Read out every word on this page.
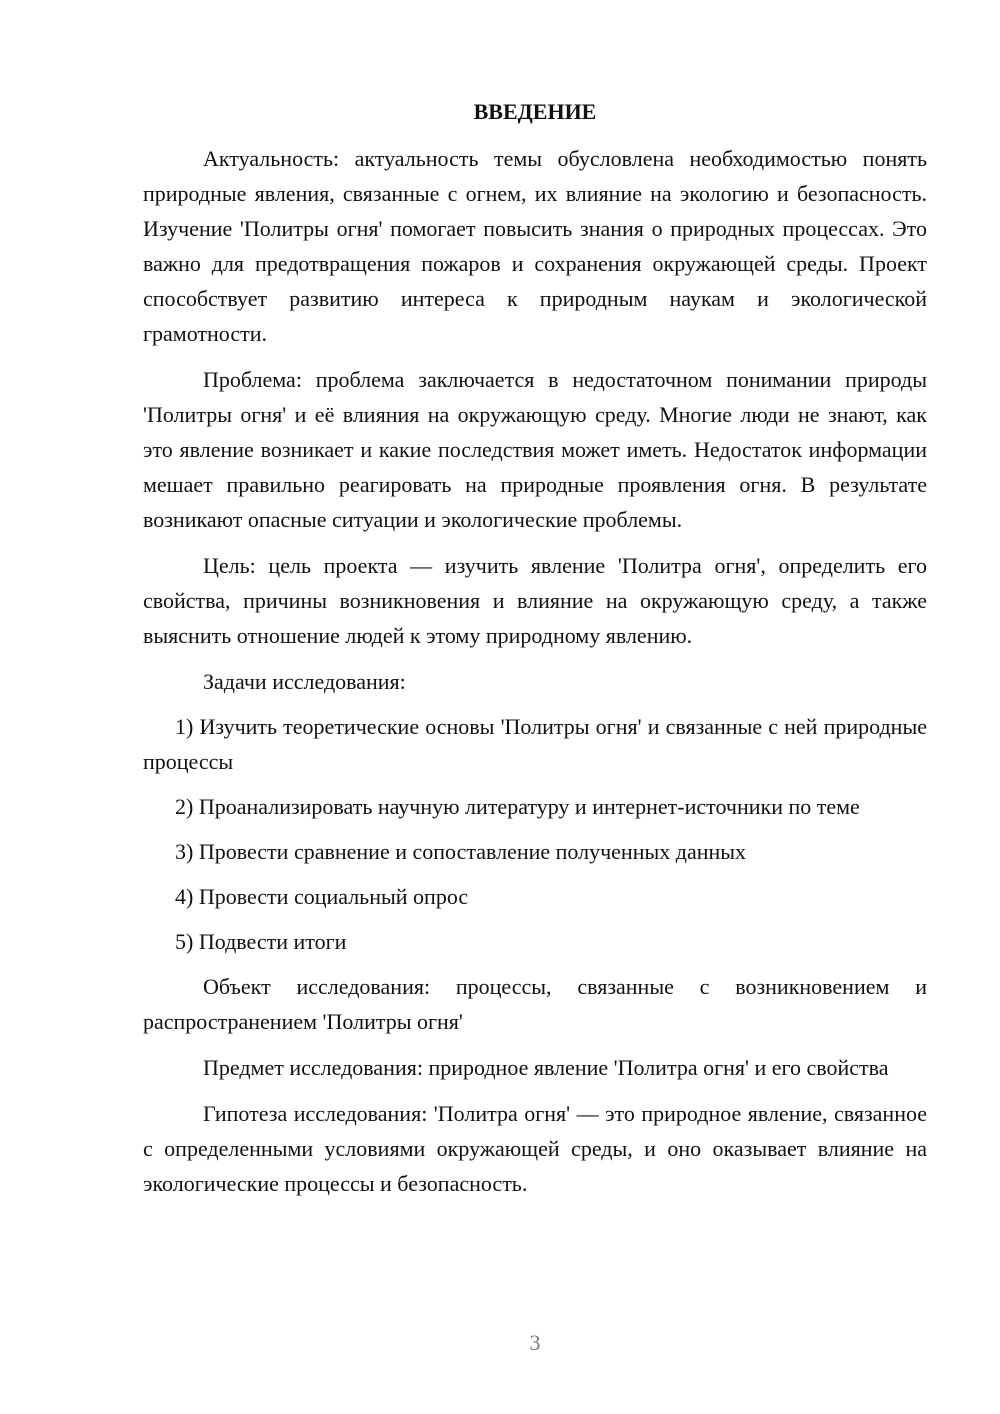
ВВЕДЕНИЕ

Актуальность: актуальность темы обусловлена необходимостью понять природные явления, связанные с огнем, их влияние на экологию и безопасность. Изучение 'Политры огня' помогает повысить знания о природных процессах. Это важно для предотвращения пожаров и сохранения окружающей среды. Проект способствует развитию интереса к природным наукам и экологической грамотности.

Проблема: проблема заключается в недостаточном понимании природы 'Политры огня' и её влияния на окружающую среду. Многие люди не знают, как это явление возникает и какие последствия может иметь. Недостаток информации мешает правильно реагировать на природные проявления огня. В результате возникают опасные ситуации и экологические проблемы.

Цель: цель проекта — изучить явление 'Политра огня', определить его свойства, причины возникновения и влияние на окружающую среду, а также выяснить отношение людей к этому природному явлению.

Задачи исследования:

1) Изучить теоретические основы 'Политры огня' и связанные с ней природные процессы

2) Проанализировать научную литературу и интернет-источники по теме

3) Провести сравнение и сопоставление полученных данных

4) Провести социальный опрос

5) Подвести итоги

Объект исследования: процессы, связанные с возникновением и распространением 'Политры огня'

Предмет исследования: природное явление 'Политра огня' и его свойства

Гипотеза исследования: 'Политра огня' — это природное явление, связанное с определенными условиями окружающей среды, и оно оказывает влияние на экологические процессы и безопасность.

3
